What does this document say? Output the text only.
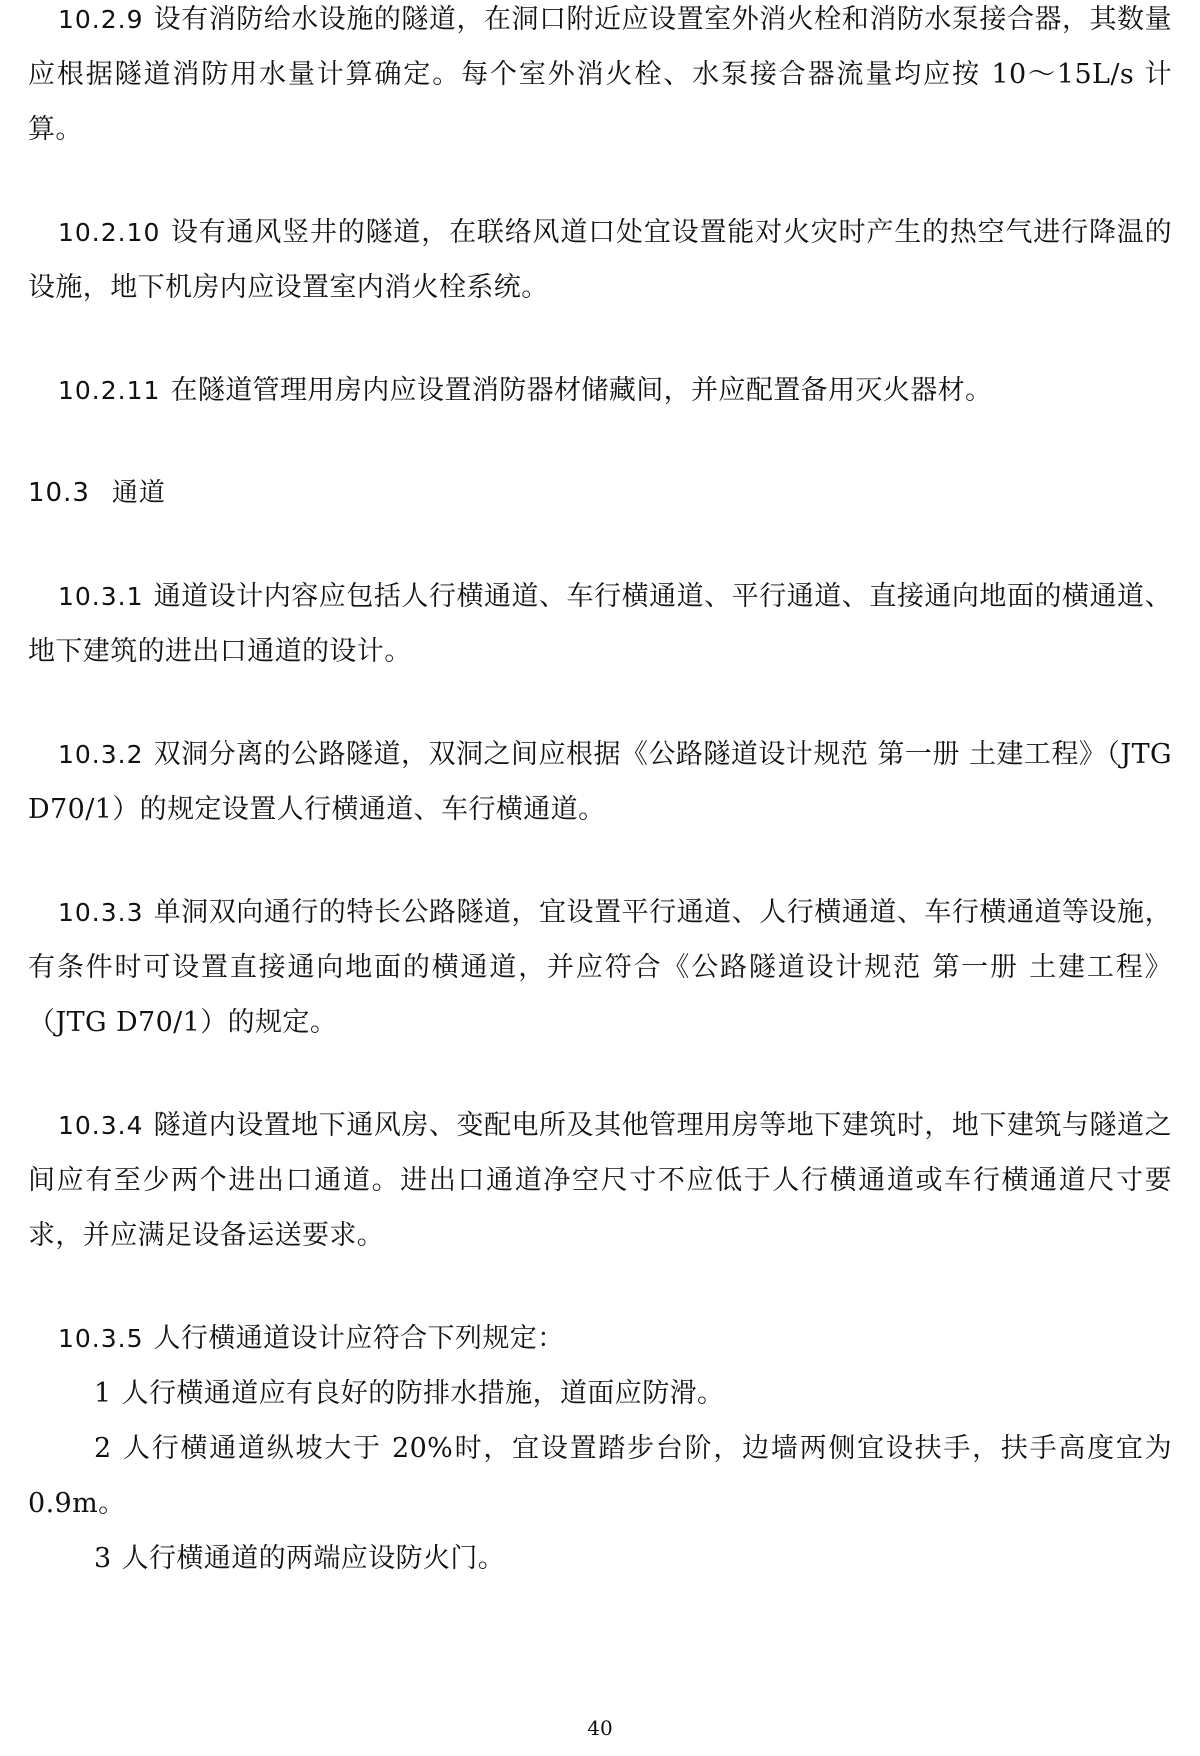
10.2.9 设有消防给水设施的隧道，在洞口附近应设置室外消火栓和消防水泵接合器，其数量应根据隧道消防用水量计算确定。每个室外消火栓、水泵接合器流量均应按 10～15L/s 计算。

10.2.10 设有通风竖井的隧道，在联络风道口处宜设置能对火灾时产生的热空气进行降温的设施，地下机房内应设置室内消火栓系统。

10.2.11 在隧道管理用房内应设置消防器材储藏间，并应配置备用灭火器材。

10.3 通道

10.3.1 通道设计内容应包括人行横通道、车行横通道、平行通道、直接通向地面的横通道、地下建筑的进出口通道的设计。

10.3.2 双洞分离的公路隧道，双洞之间应根据《公路隧道设计规范 第一册 土建工程》（JTG D70/1）的规定设置人行横通道、车行横通道。

10.3.3 单洞双向通行的特长公路隧道，宜设置平行通道、人行横通道、车行横通道等设施，有条件时可设置直接通向地面的横通道，并应符合《公路隧道设计规范 第一册 土建工程》（JTG D70/1）的规定。

10.3.4 隧道内设置地下通风房、变配电所及其他管理用房等地下建筑时，地下建筑与隧道之间应有至少两个进出口通道。进出口通道净空尺寸不应低于人行横通道或车行横通道尺寸要求，并应满足设备运送要求。

10.3.5 人行横通道设计应符合下列规定：

1 人行横通道应有良好的防排水措施，道面应防滑。

2 人行横通道纵坡大于 20%时，宜设置踏步台阶，边墙两侧宜设扶手，扶手高度宜为 0.9m。

3 人行横通道的两端应设防火门。

40
